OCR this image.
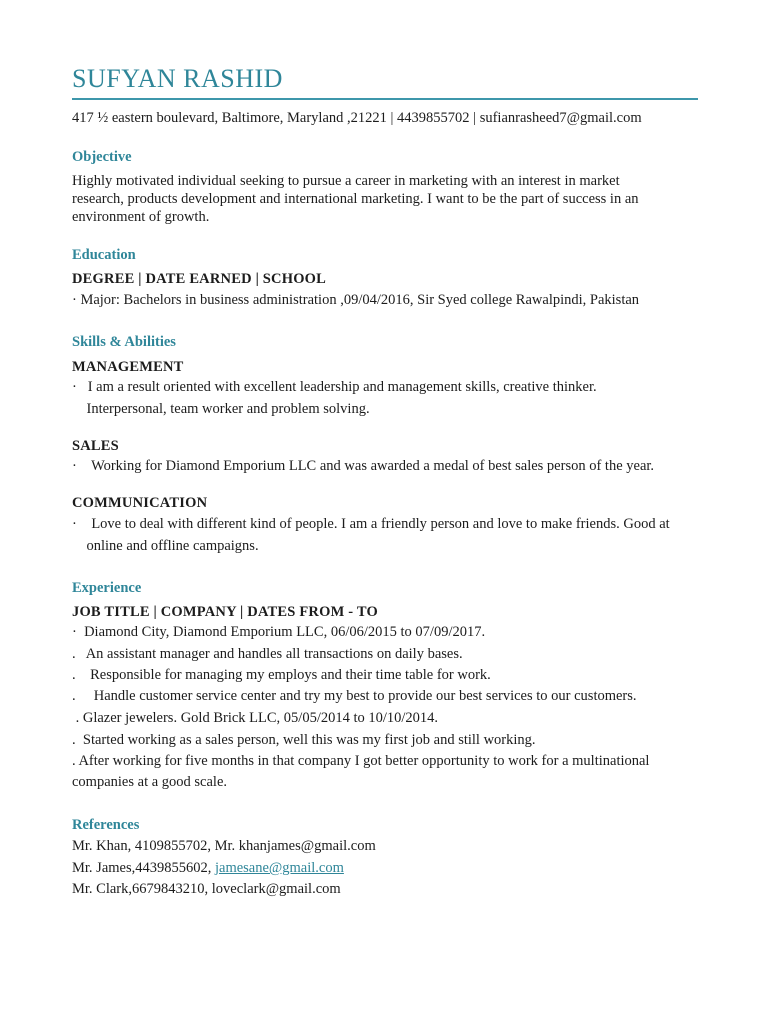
SUFYAN RASHID
417 ½ eastern boulevard, Baltimore, Maryland ,21221 | 4439855702 | sufianrasheed7@gmail.com
Objective
Highly motivated individual seeking to pursue a career in marketing with an interest in market
research, products development and international marketing. I want to be the part of success in an
environment of growth.
Education
DEGREE | DATE EARNED | SCHOOL
· Major: Bachelors in business administration ,09/04/2016, Sir Syed college Rawalpindi, Pakistan
Skills & Abilities
MANAGEMENT
·   I am a result oriented with excellent leadership and management skills, creative thinker.
Interpersonal, team worker and problem solving.
SALES
·    Working for Diamond Emporium LLC and was awarded a medal of best sales person of the year.
COMMUNICATION
·    Love to deal with different kind of people. I am a friendly person and love to make friends. Good at
online and offline campaigns.
Experience
JOB TITLE | COMPANY | DATES FROM - TO
·  Diamond City, Diamond Emporium LLC, 06/06/2015 to 07/09/2017.
.   An assistant manager and handles all transactions on daily bases.
.    Responsible for managing my employs and their time table for work.
.     Handle customer service center and try my best to provide our best services to our customers.
. Glazer jewelers. Gold Brick LLC, 05/05/2014 to 10/10/2014.
.  Started working as a sales person, well this was my first job and still working.
. After working for five months in that company I got better opportunity to work for a multinational
companies at a good scale.
References
Mr. Khan, 4109855702, Mr. khanjames@gmail.com
Mr. James,4439855602, jamesane@gmail.com
Mr. Clark,6679843210, loveclark@gmail.com
